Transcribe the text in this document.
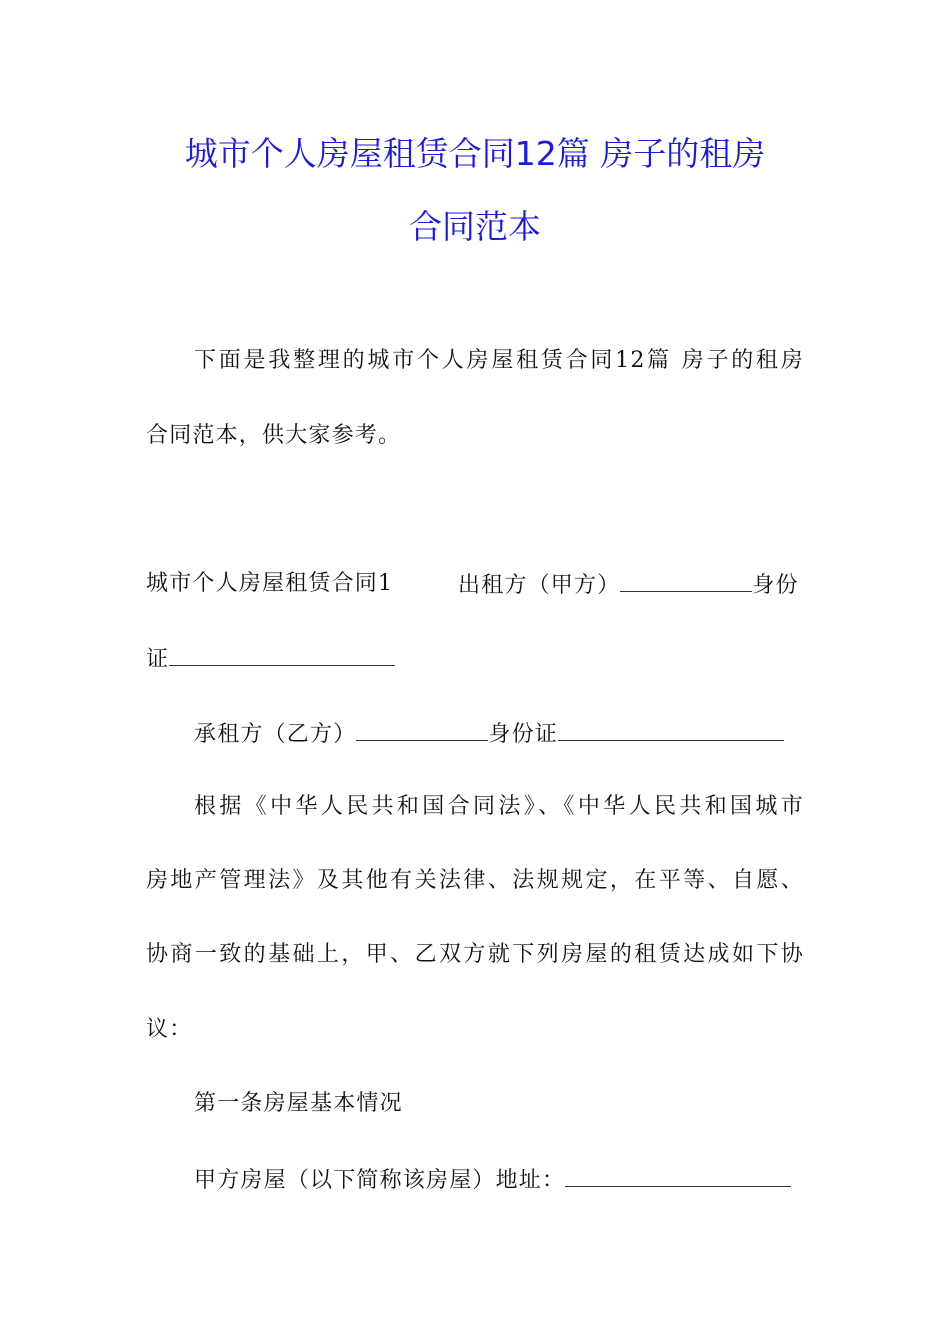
城市个人房屋租赁合同12篇 房子的租房
合同范本
下面是我整理的城市个人房屋租赁合同12篇 房子的租房
合同范本，供大家参考。
城市个人房屋租赁合同1	出租方（甲方）	身份
证
承租方（乙方）	身份证
根据《中华人民共和国合同法》、《中华人民共和国城市
房地产管理法》及其他有关法律、法规规定，在平等、自愿、
协商一致的基础上，甲、乙双方就下列房屋的租赁达成如下协
议：
第一条房屋基本情况
甲方房屋（以下简称该房屋）地址：
